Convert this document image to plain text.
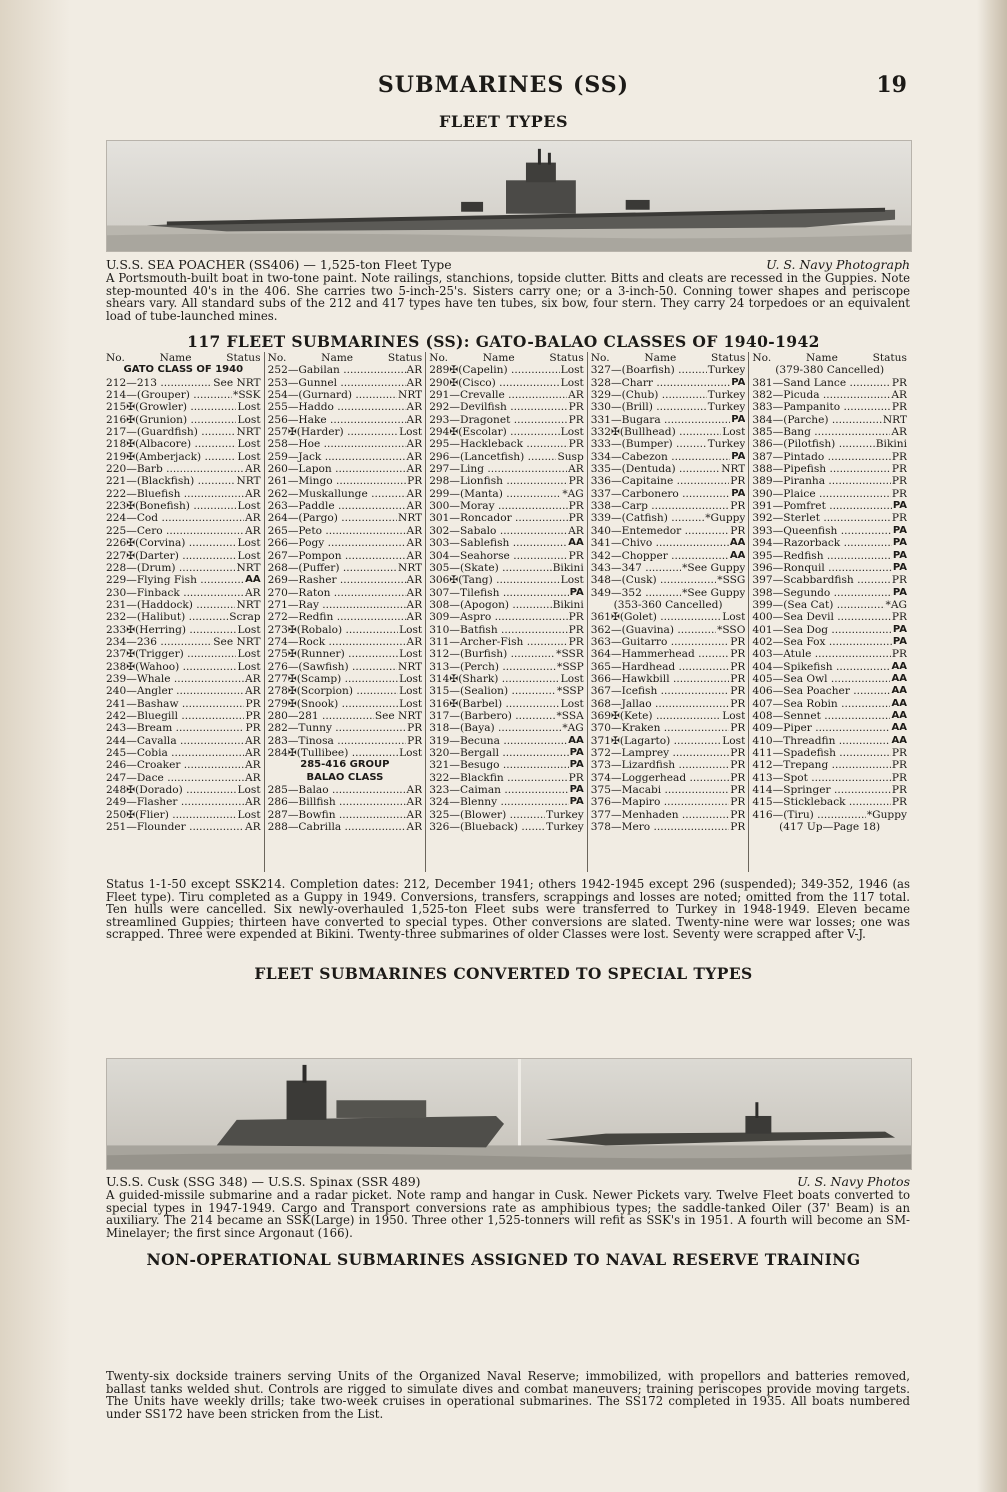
SUBMARINES (SS)	19
FLEET TYPES
U.S.S. SEA POACHER (SS406) — 1,525-ton Fleet Type	U. S. Navy Photograph
A Portsmouth-built boat in two-tone paint. Note railings, stanchions, topside clutter. Bitts and cleats are recessed in the Guppies. Note step-mounted 40's in the 406. She carries two 5-inch-25's. Sisters carry one; or a 3-inch-50. Conning tower shapes and periscope shears vary. All standard subs of the 212 and 417 types have ten tubes, six bow, four stern. They carry 24 torpedoes or an equivalent load of tube-launched mines.
117 FLEET SUBMARINES (SS): GATO-BALAO CLASSES OF 1940-1942
No.	Name	Status
GATO CLASS OF 1940
212—213 .....	See NRT
214—(Grouper) .....	*SSK
215✠(Growler) .....	Lost
216✠(Grunion) .....	Lost
217—(Guardfish) .....	NRT
218✠(Albacore) .....	Lost
219✠(Amberjack) .....	Lost
220—Barb .....	AR
221—(Blackfish) .....	NRT
222—Bluefish .....	AR
223✠(Bonefish) .....	Lost
224—Cod .....	AR
225—Cero .....	AR
226✠(Corvina) .....	Lost
227✠(Darter) .....	Lost
228—(Drum) .....	NRT
229—Flying Fish .....	AA
230—Finback .....	AR
231—(Haddock) .....	NRT
232—(Halibut) .....	Scrap
233✠(Herring) .....	Lost
234—236 .....	See NRT
237✠(Trigger) .....	Lost
238✠(Wahoo) .....	Lost
239—Whale .....	AR
240—Angler .....	AR
241—Bashaw .....	PR
242—Bluegill .....	PR
243—Bream .....	PR
244—Cavalla .....	AR
245—Cobia .....	AR
246—Croaker .....	AR
247—Dace .....	AR
248✠(Dorado) .....	Lost
249—Flasher .....	AR
250✠(Flier) .....	Lost
251—Flounder .....	AR
No.	Name	Status
252—Gabilan .....	AR
253—Gunnel .....	AR
254—(Gurnard) .....	NRT
255—Haddo .....	AR
256—Hake .....	AR
257✠(Harder) .....	Lost
258—Hoe .....	AR
259—Jack .....	AR
260—Lapon .....	AR
261—Mingo .....	PR
262—Muskallunge .....	AR
263—Paddle .....	AR
264—(Pargo) .....	NRT
265—Peto .....	AR
266—Pogy .....	AR
267—Pompon .....	AR
268—(Puffer) .....	NRT
269—Rasher .....	AR
270—Raton .....	AR
271—Ray .....	AR
272—Redfin .....	AR
273✠(Robalo) .....	Lost
274—Rock .....	AR
275✠(Runner) .....	Lost
276—(Sawfish) .....	NRT
277✠(Scamp) .....	Lost
278✠(Scorpion) .....	Lost
279✠(Snook) .....	Lost
280—281 .....	See NRT
282—Tunny .....	PR
283—Tinosa .....	PR
284✠(Tullibee) .....	Lost
285-416 GROUP
BALAO CLASS
285—Balao .....	AR
286—Billfish .....	AR
287—Bowfin .....	AR
288—Cabrilla .....	AR
No.	Name	Status
289✠(Capelin) .....	Lost
290✠(Cisco) .....	Lost
291—Crevalle .....	AR
292—Devilfish .....	PR
293—Dragonet .....	PR
294✠(Escolar) .....	Lost
295—Hackleback .....	PR
296—(Lancetfish) .....	Susp
297—Ling .....	AR
298—Lionfish .....	PR
299—(Manta) .....	*AG
300—Moray .....	PR
301—Roncador .....	PR
302—Sabalo .....	AR
303—Sablefish .....	AA
304—Seahorse .....	PR
305—(Skate) .....	Bikini
306✠(Tang) .....	Lost
307—Tilefish .....	PA
308—(Apogon) .....	Bikini
309—Aspro .....	PR
310—Batfish .....	PR
311—Archer-Fish .....	PR
312—(Burfish) .....	*SSR
313—(Perch) .....	*SSP
314✠(Shark) .....	Lost
315—(Sealion) .....	*SSP
316✠(Barbel) .....	Lost
317—(Barbero) .....	*SSA
318—(Baya) .....	*AG
319—Becuna .....	AA
320—Bergall .....	PA
321—Besugo .....	PA
322—Blackfin .....	PR
323—Caiman .....	PA
324—Blenny .....	PA
325—(Blower) .....	Turkey
326—(Blueback) .....	Turkey
No.	Name	Status
327—(Boarfish) .....	Turkey
328—Charr .....	PA
329—(Chub) .....	Turkey
330—(Brill) .....	Turkey
331—Bugara .....	PA
332✠(Bullhead) .....	Lost
333—(Bumper) .....	Turkey
334—Cabezon .....	PA
335—(Dentuda) .....	NRT
336—Capitaine .....	PR
337—Carbonero .....	PA
338—Carp .....	PR
339—(Catfish) .....	*Guppy
340—Entemedor .....	PR
341—Chivo .....	AA
342—Chopper .....	AA
343—347 .....	*See Guppy
348—(Cusk) .....	*SSG
349—352 .....	*See Guppy
(353-360 Cancelled)
361✠(Golet) .....	Lost
362—(Guavina) .....	*SSO
363—Guitarro .....	PR
364—Hammerhead .....	PR
365—Hardhead .....	PR
366—Hawkbill .....	PR
367—Icefish .....	PR
368—Jallao .....	PR
369✠(Kete) .....	Lost
370—Kraken .....	PR
371✠(Lagarto) .....	Lost
372—Lamprey .....	PR
373—Lizardfish .....	PR
374—Loggerhead .....	PR
375—Macabi .....	PR
376—Mapiro .....	PR
377—Menhaden .....	PR
378—Mero .....	PR
No.	Name	Status
(379-380 Cancelled)
381—Sand Lance .....	PR
382—Picuda .....	AR
383—Pampanito .....	PR
384—(Parche) .....	NRT
385—Bang .....	AR
386—(Pilotfish) .....	Bikini
387—Pintado .....	PR
388—Pipefish .....	PR
389—Piranha .....	PR
390—Plaice .....	PR
391—Pomfret .....	PA
392—Sterlet .....	PR
393—Queenfish .....	PA
394—Razorback .....	PA
395—Redfish .....	PA
396—Ronquil .....	PA
397—Scabbardfish .....	PR
398—Segundo .....	PA
399—(Sea Cat) .....	*AG
400—Sea Devil .....	PR
401—Sea Dog .....	PA
402—Sea Fox .....	PA
403—Atule .....	PR
404—Spikefish .....	AA
405—Sea Owl .....	AA
406—Sea Poacher .....	AA
407—Sea Robin .....	AA
408—Sennet .....	AA
409—Piper .....	AA
410—Threadfin .....	AA
411—Spadefish .....	PR
412—Trepang .....	PR
413—Spot .....	PR
414—Springer .....	PR
415—Stickleback .....	PR
416—(Tiru) .....	*Guppy
(417 Up—Page 18)
Status 1-1-50 except SSK214. Completion dates: 212, December 1941; others 1942-1945 except 296 (suspended); 349-352, 1946 (as Fleet type). Tiru completed as a Guppy in 1949. Conversions, transfers, scrappings and losses are noted; omitted from the 117 total. Ten hulls were cancelled. Six newly-overhauled 1,525-ton Fleet subs were transferred to Turkey in 1948-1949. Eleven became streamlined Guppies; thirteen have converted to special types. Other conversions are slated. Twenty-nine were war losses; one was scrapped. Three were expended at Bikini. Twenty-three submarines of older Classes were lost. Seventy were scrapped after V-J.
FLEET SUBMARINES CONVERTED TO SPECIAL TYPES
U.S.S. Cusk (SSG 348) — U.S.S. Spinax (SSR 489)	U. S. Navy Photos
A guided-missile submarine and a radar picket. Note ramp and hangar in Cusk. Newer Pickets vary. Twelve Fleet boats converted to special types in 1947-1949. Cargo and Transport conversions rate as amphibious types; the saddle-tanked Oiler (37' Beam) is an auxiliary. The 214 became an SSK(Large) in 1950. Three other 1,525-tonners will refit as SSK's in 1951. A fourth will become an SM-Minelayer; the first since Argonaut (166).
NON-OPERATIONAL SUBMARINES ASSIGNED TO NAVAL RESERVE TRAINING
Twenty-six dockside trainers serving Units of the Organized Naval Reserve; immobilized, with propellors and batteries removed, ballast tanks welded shut. Controls are rigged to simulate dives and combat maneuvers; training periscopes provide moving targets. The Units have weekly drills; take two-week cruises in operational submarines. The SS172 completed in 1935. All boats numbered under SS172 have been stricken from the List.
